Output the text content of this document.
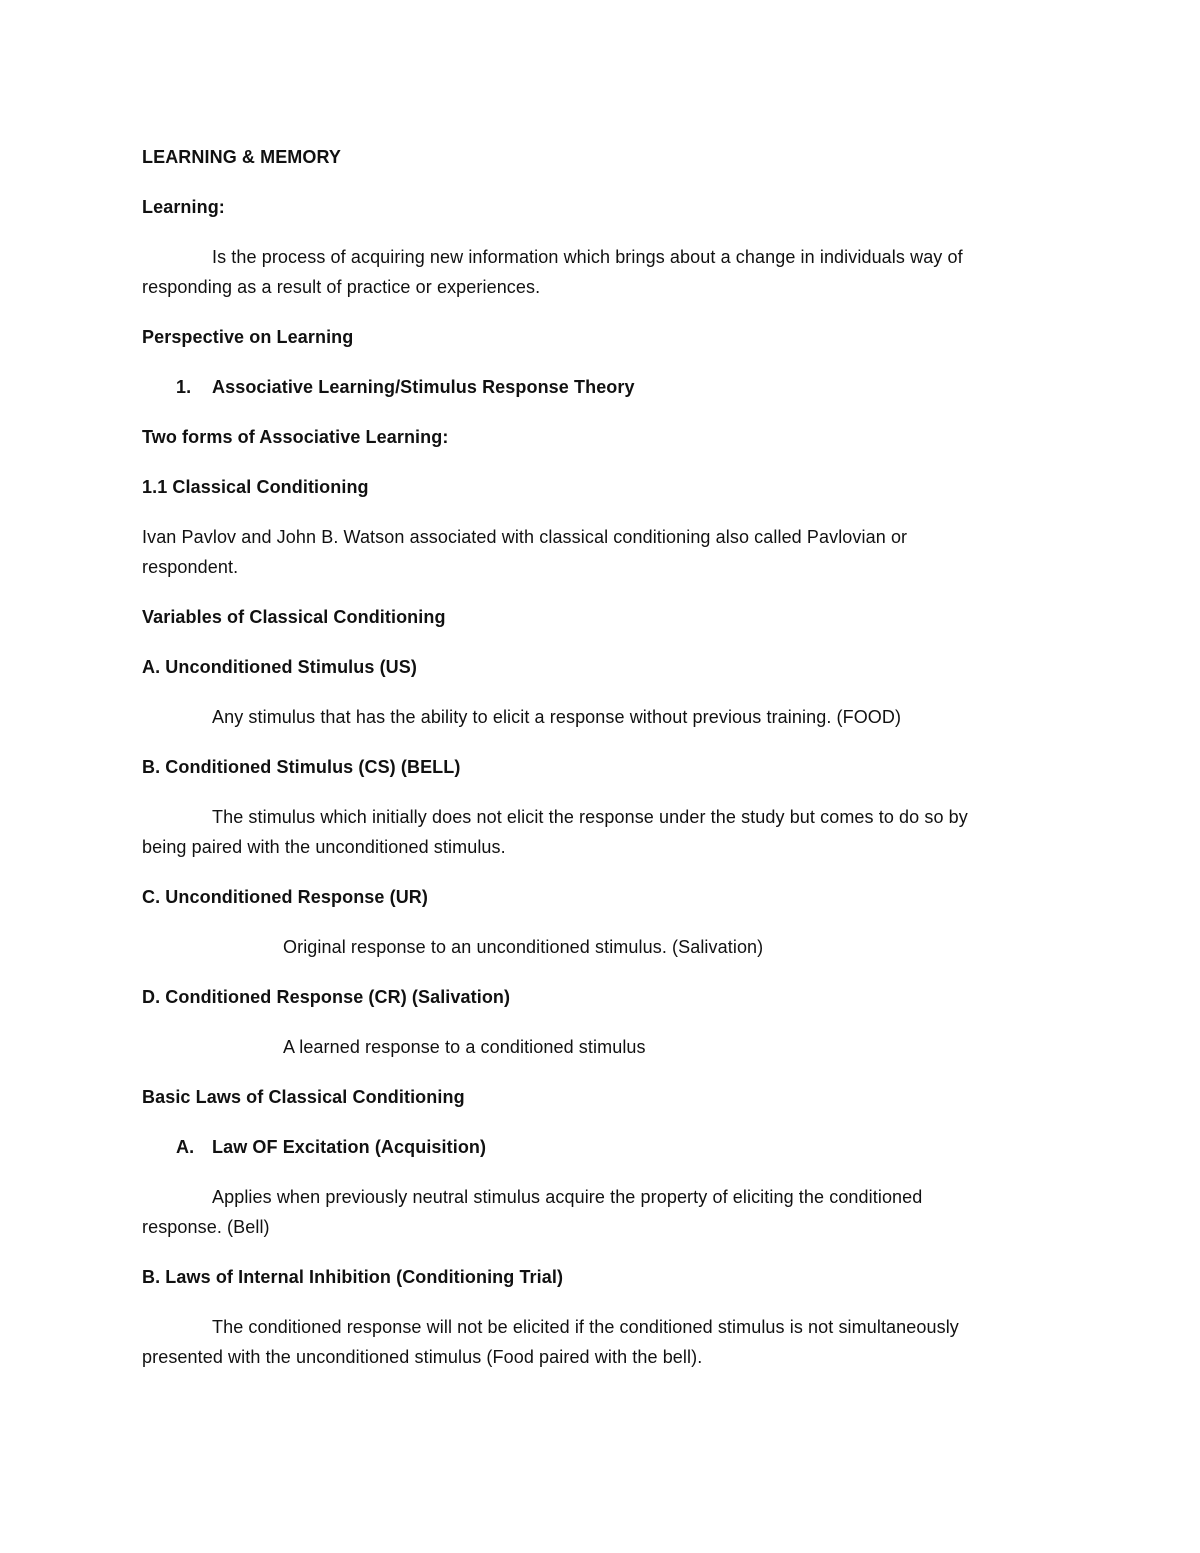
LEARNING & MEMORY
Learning:
Is the process of acquiring new information which brings about a change in individuals way of
responding as a result of practice or experiences.
Perspective on Learning
1. Associative Learning/Stimulus Response Theory
Two forms of Associative Learning:
1.1 Classical Conditioning
Ivan Pavlov and John B. Watson associated with classical conditioning also called Pavlovian or
respondent.
Variables of Classical Conditioning
A. Unconditioned Stimulus (US)
Any stimulus that has the ability to elicit a response without previous training. (FOOD)
B. Conditioned Stimulus (CS) (BELL)
The stimulus which initially does not elicit the response under the study but comes to do so by
being paired with the unconditioned stimulus.
C. Unconditioned Response (UR)
Original response to an unconditioned stimulus. (Salivation)
D. Conditioned Response (CR) (Salivation)
A learned response to a conditioned stimulus
Basic Laws of Classical Conditioning
A. Law OF Excitation (Acquisition)
Applies when previously neutral stimulus acquire the property of eliciting the conditioned
response. (Bell)
B. Laws of Internal Inhibition (Conditioning Trial)
The conditioned response will not be elicited if the conditioned stimulus is not simultaneously
presented with the unconditioned stimulus (Food paired with the bell).
